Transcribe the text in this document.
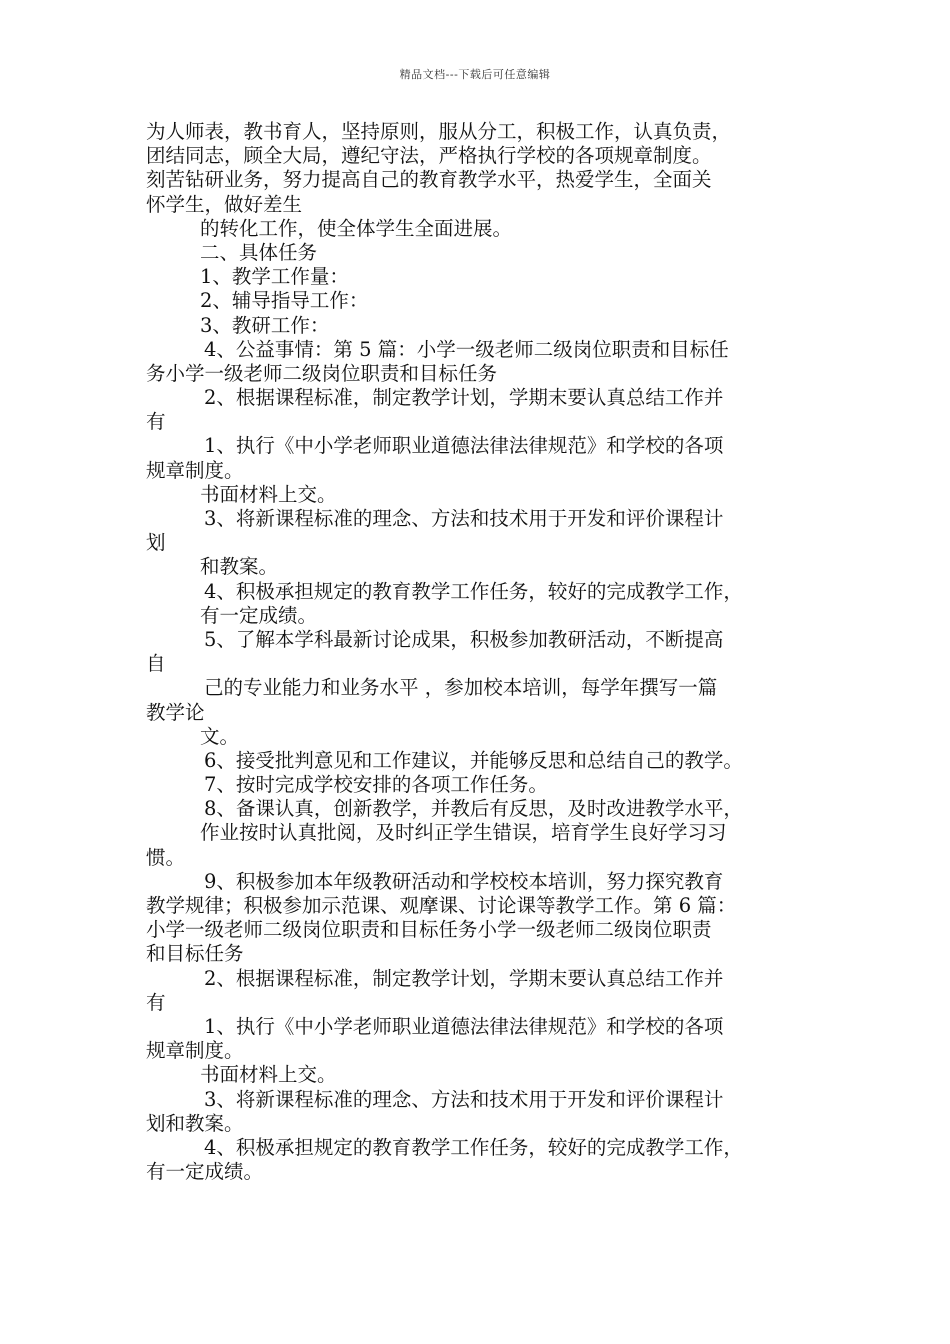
精品文档---下载后可任意编辑
为人师表，教书育人，坚持原则，服从分工，积极工作，认真负责，
团结同志，顾全大局，遵纪守法，严格执行学校的各项规章制度。
刻苦钻研业务，努力提高自己的教育教学水平，热爱学生，全面关
怀学生，做好差生
的转化工作，使全体学生全面进展。
二、具体任务
1、教学工作量：
2、辅导指导工作：
3、教研工作：
4、公益事情：第 5 篇：小学一级老师二级岗位职责和目标任
务小学一级老师二级岗位职责和目标任务
2、根据课程标准，制定教学计划，学期末要认真总结工作并
有
1、执行《中小学老师职业道德法律法律规范》和学校的各项
规章制度。
书面材料上交。
3、将新课程标准的理念、方法和技术用于开发和评价课程计
划
和教案。
4、积极承担规定的教育教学工作任务，较好的完成教学工作，
有一定成绩。
5、了解本学科最新讨论成果，积极参加教研活动，不断提高
自
己的专业能力和业务水平 ，参加校本培训，每学年撰写一篇
教学论
文。
6、接受批判意见和工作建议，并能够反思和总结自己的教学。
7、按时完成学校安排的各项工作任务。
8、备课认真，创新教学，并教后有反思，及时改进教学水平，
作业按时认真批阅，及时纠正学生错误，培育学生良好学习习
惯。
9、积极参加本年级教研活动和学校校本培训，努力探究教育
教学规律；积极参加示范课、观摩课、讨论课等教学工作。第 6 篇：
小学一级老师二级岗位职责和目标任务小学一级老师二级岗位职责
和目标任务
2、根据课程标准，制定教学计划，学期末要认真总结工作并
有
1、执行《中小学老师职业道德法律法律规范》和学校的各项
规章制度。
书面材料上交。
3、将新课程标准的理念、方法和技术用于开发和评价课程计
划和教案。
4、积极承担规定的教育教学工作任务，较好的完成教学工作，
有一定成绩。
